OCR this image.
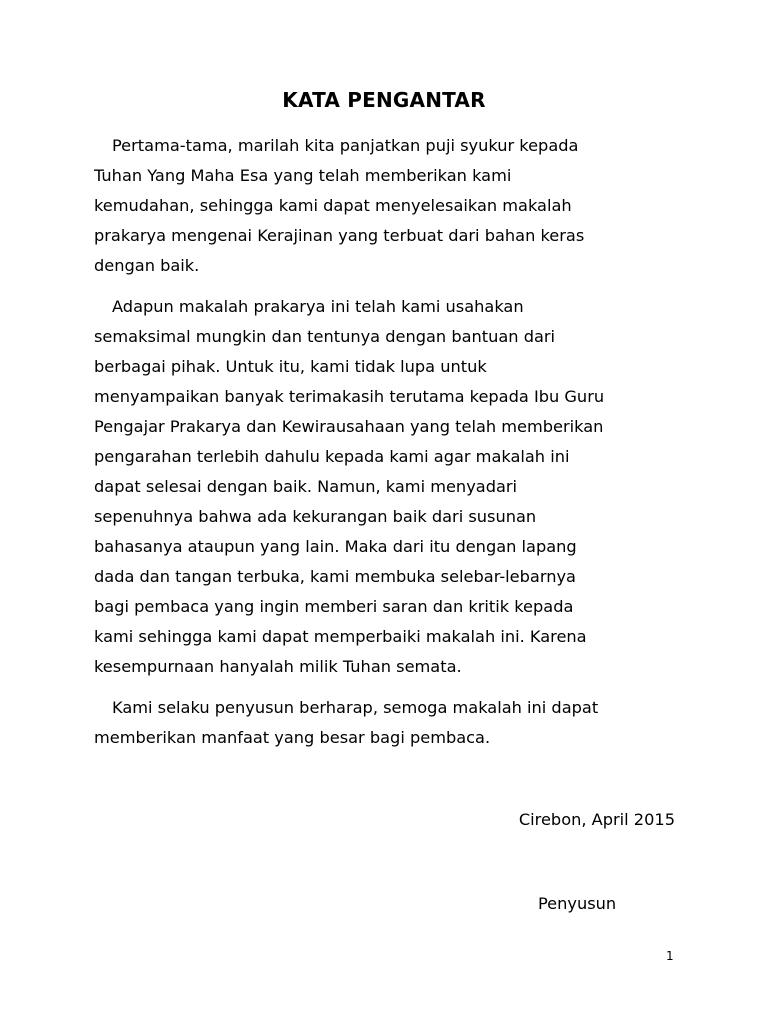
KATA PENGANTAR

Pertama-tama, marilah kita panjatkan puji syukur kepada
Tuhan Yang Maha Esa yang telah memberikan kami
kemudahan, sehingga kami dapat menyelesaikan makalah
prakarya mengenai Kerajinan yang terbuat dari bahan keras
dengan baik.

Adapun makalah prakarya ini telah kami usahakan
semaksimal mungkin dan tentunya dengan bantuan dari
berbagai pihak. Untuk itu, kami tidak lupa untuk
menyampaikan banyak terimakasih terutama kepada Ibu Guru
Pengajar Prakarya dan Kewirausahaan yang telah memberikan
pengarahan terlebih dahulu kepada kami agar makalah ini
dapat selesai dengan baik. Namun, kami menyadari
sepenuhnya bahwa ada kekurangan baik dari susunan
bahasanya ataupun yang lain. Maka dari itu dengan lapang
dada dan tangan terbuka, kami membuka selebar-lebarnya
bagi pembaca yang ingin memberi saran dan kritik kepada
kami sehingga kami dapat memperbaiki makalah ini. Karena
kesempurnaan hanyalah milik Tuhan semata.

Kami selaku penyusun berharap, semoga makalah ini dapat
memberikan manfaat yang besar bagi pembaca.

Cirebon, April 2015
Penyusun
1
